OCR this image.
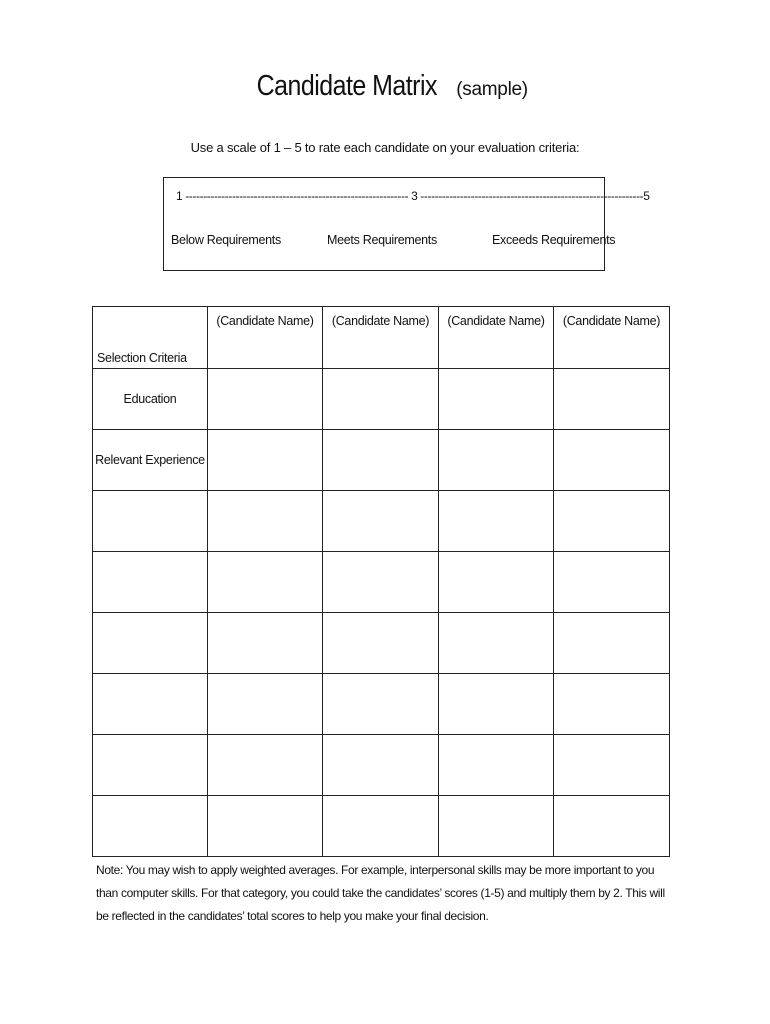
Candidate Matrix (sample)
Use a scale of 1 – 5 to rate each candidate on your evaluation criteria:
1 -------------------------------------------------------------- 3 --------------------------------------------------------------5
Below Requirements	Meets Requirements	Exceeds Requirements
Selection Criteria	(Candidate Name)	(Candidate Name)	(Candidate Name)	(Candidate Name)
Education				
Relevant Experience				

Note: You may wish to apply weighted averages. For example, interpersonal skills may be more important to you than computer skills. For that category, you could take the candidates’ scores (1-5) and multiply them by 2. This will be reflected in the candidates’ total scores to help you make your final decision.
